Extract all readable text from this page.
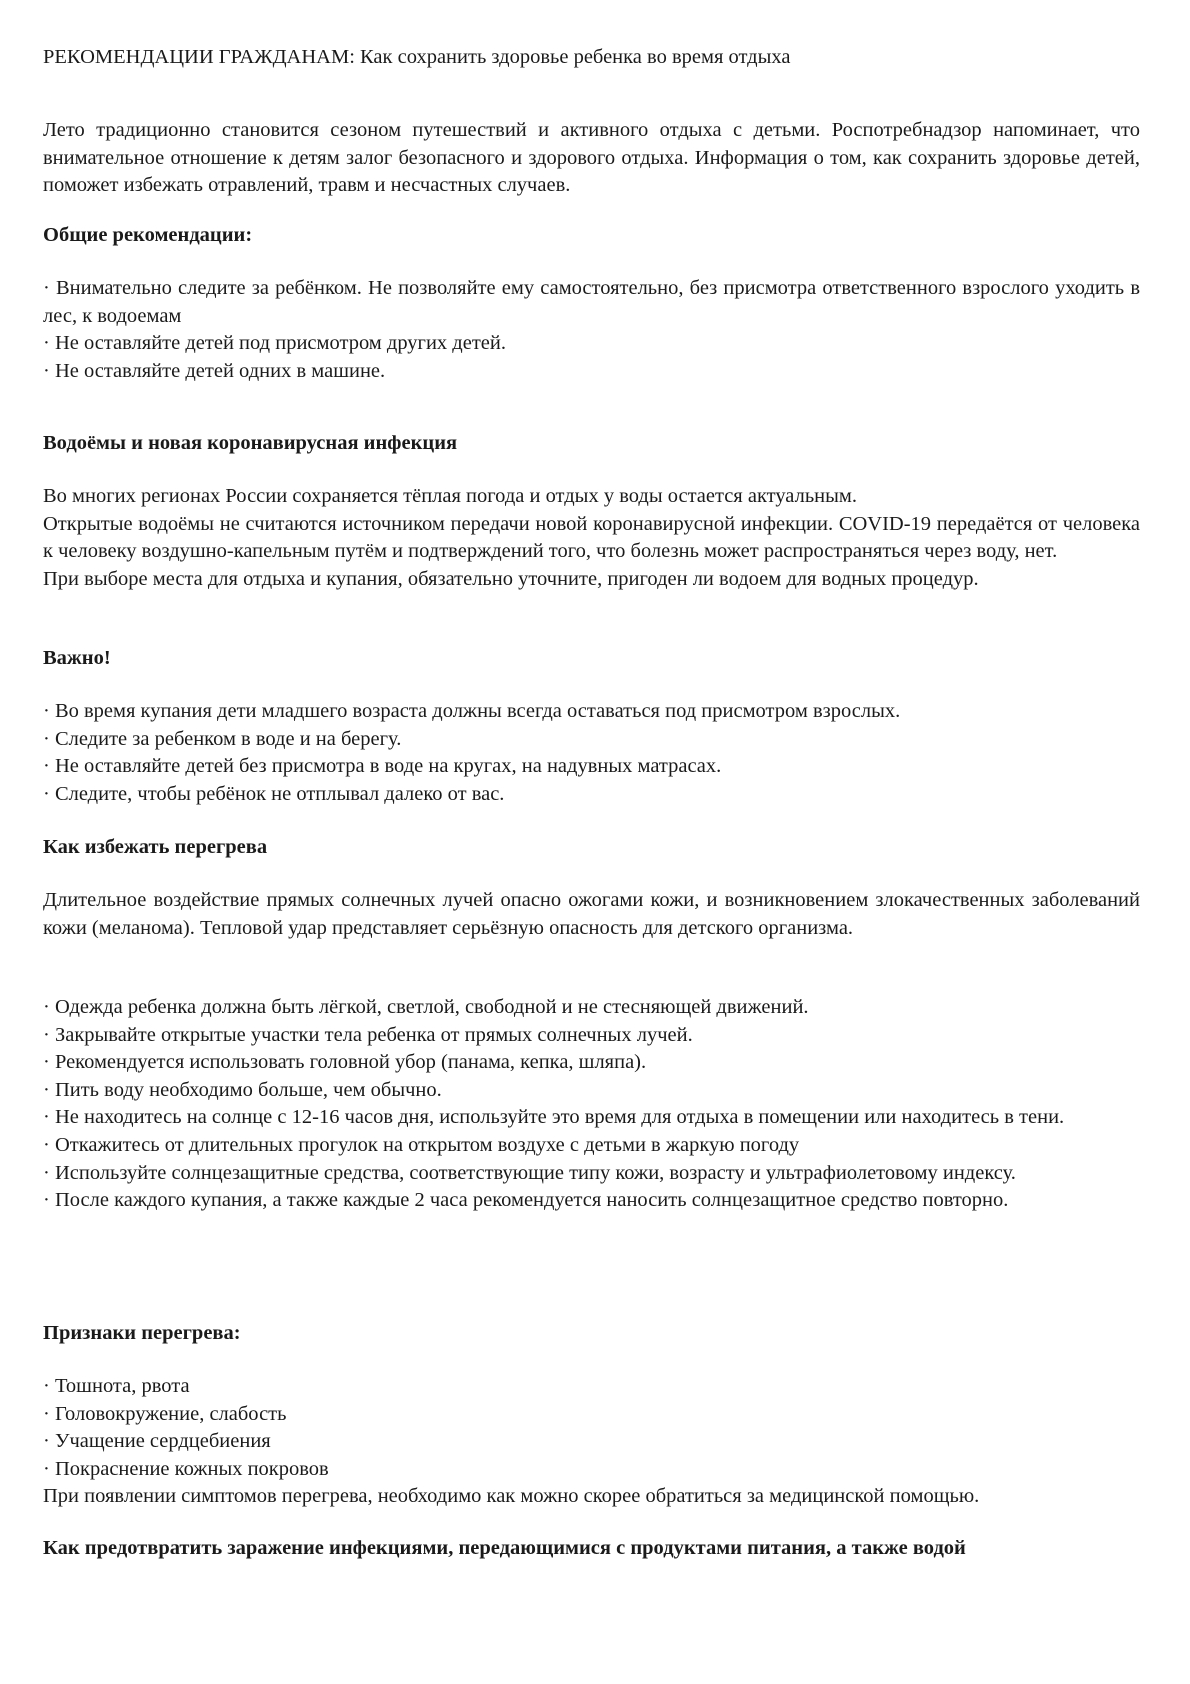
РЕКОМЕНДАЦИИ ГРАЖДАНАМ: Как сохранить здоровье ребенка во время отдыха

Лето традиционно становится сезоном путешествий и активного отдыха с детьми. Роспотребнадзор напоминает, что внимательное отношение к детям залог безопасного и здорового отдыха. Информация о том, как сохранить здоровье детей, поможет избежать отравлений, травм и несчастных случаев.

Общие рекомендации:
· Внимательно следите за ребёнком. Не позволяйте ему самостоятельно, без присмотра ответственного взрослого уходить в лес, к водоемам
· Не оставляйте детей под присмотром других детей.
· Не оставляйте детей одних в машине.
Водоёмы и новая коронавирусная инфекция
Во многих регионах России сохраняется тёплая погода и отдых у воды остается актуальным.
Открытые водоёмы не считаются источником передачи новой коронавирусной инфекции. COVID-19 передаётся от человека к человеку воздушно-капельным путём и подтверждений того, что болезнь может распространяться через воду, нет.
При выборе места для отдыха и купания, обязательно уточните, пригоден ли водоем для водных процедур.
Важно!
· Во время купания дети младшего возраста должны всегда оставаться под присмотром взрослых.
· Следите за ребенком в воде и на берегу.
· Не оставляйте детей без присмотра в воде на кругах, на надувных матрасах.
· Следите, чтобы ребёнок не отплывал далеко от вас.
Как избежать перегрева

Длительное воздействие прямых солнечных лучей опасно ожогами кожи, и возникновением злокачественных заболеваний кожи (меланома). Тепловой удар представляет серьёзную опасность для детского организма.

· Одежда ребенка должна быть лёгкой, светлой, свободной и не стесняющей движений.
· Закрывайте открытые участки тела ребенка от прямых солнечных лучей.
· Рекомендуется использовать головной убор (панама, кепка, шляпа).
· Пить воду необходимо больше, чем обычно.
· Не находитесь на солнце с 12-16 часов дня, используйте это время для отдыха в помещении или находитесь в тени.
· Откажитесь от длительных прогулок на открытом воздухе с детьми в жаркую погоду
· Используйте солнцезащитные средства, соответствующие типу кожи, возрасту и ультрафиолетовому индексу.
· После каждого купания, а также каждые 2 часа рекомендуется наносить солнцезащитное средство повторно.
Признаки перегрева:
· Тошнота, рвота
· Головокружение, слабость
· Учащение сердцебиения
· Покраснение кожных покровов
При появлении симптомов перегрева, необходимо как можно скорее обратиться за медицинской помощью.
Как предотвратить заражение инфекциями, передающимися с продуктами питания, а также водой
